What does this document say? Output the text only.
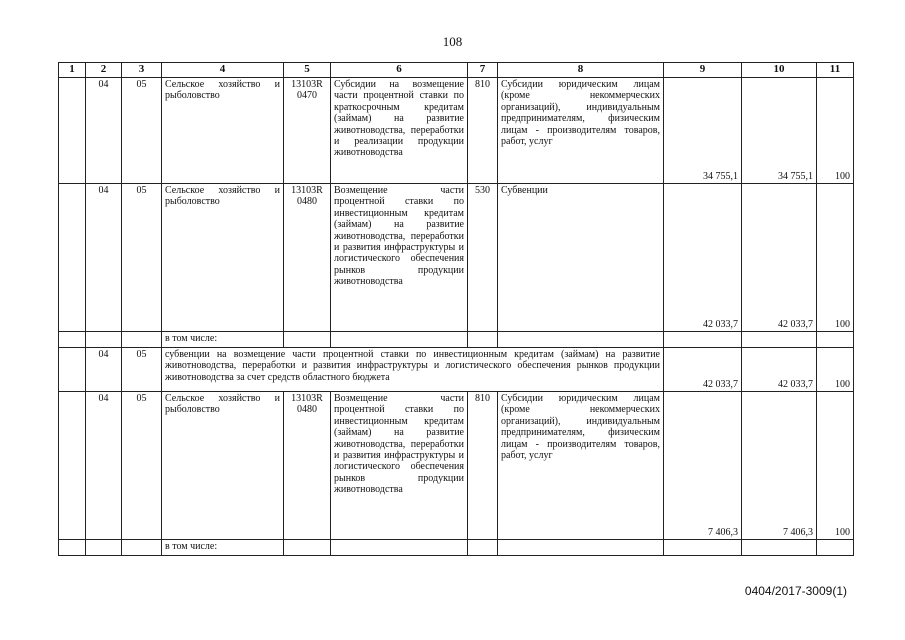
108
1	2	3	4	5	6	7	8	9	10	11
	04	05	Сельское хозяйство и рыболовство	13103R 0470	Субсидии на возмещение части процентной ставки по краткосрочным кредитам (займам) на развитие животноводства, переработки и реализации продукции животноводства	810	Субсидии юридическим лицам (кроме некоммерческих организаций), индивидуальным предпринимателям, физическим лицам - производителям товаров, работ, услуг	34 755,1	34 755,1	100
	04	05	Сельское хозяйство и рыболовство	13103R 0480	Возмещение части процентной ставки по инвестиционным кредитам (займам) на развитие животноводства, переработки и развития инфраструктуры и логистического обеспечения рынков продукции животноводства	530	Субвенции	42 033,7	42 033,7	100
			в том числе:							
	04	05	субвенции на возмещение части процентной ставки по инвестиционным кредитам (займам) на развитие животноводства, переработки и развития инфраструктуры и логистического обеспечения рынков продукции животноводства за счет средств областного бюджета					42 033,7	42 033,7	100
	04	05	Сельское хозяйство и рыболовство	13103R 0480	Возмещение части процентной ставки по инвестиционным кредитам (займам) на развитие животноводства, переработки и развития инфраструктуры и логистического обеспечения рынков продукции животноводства	810	Субсидии юридическим лицам (кроме некоммерческих организаций), индивидуальным предпринимателям, физическим лицам - производителям товаров, работ, услуг	7 406,3	7 406,3	100
			в том числе:							
0404/2017-3009(1)
